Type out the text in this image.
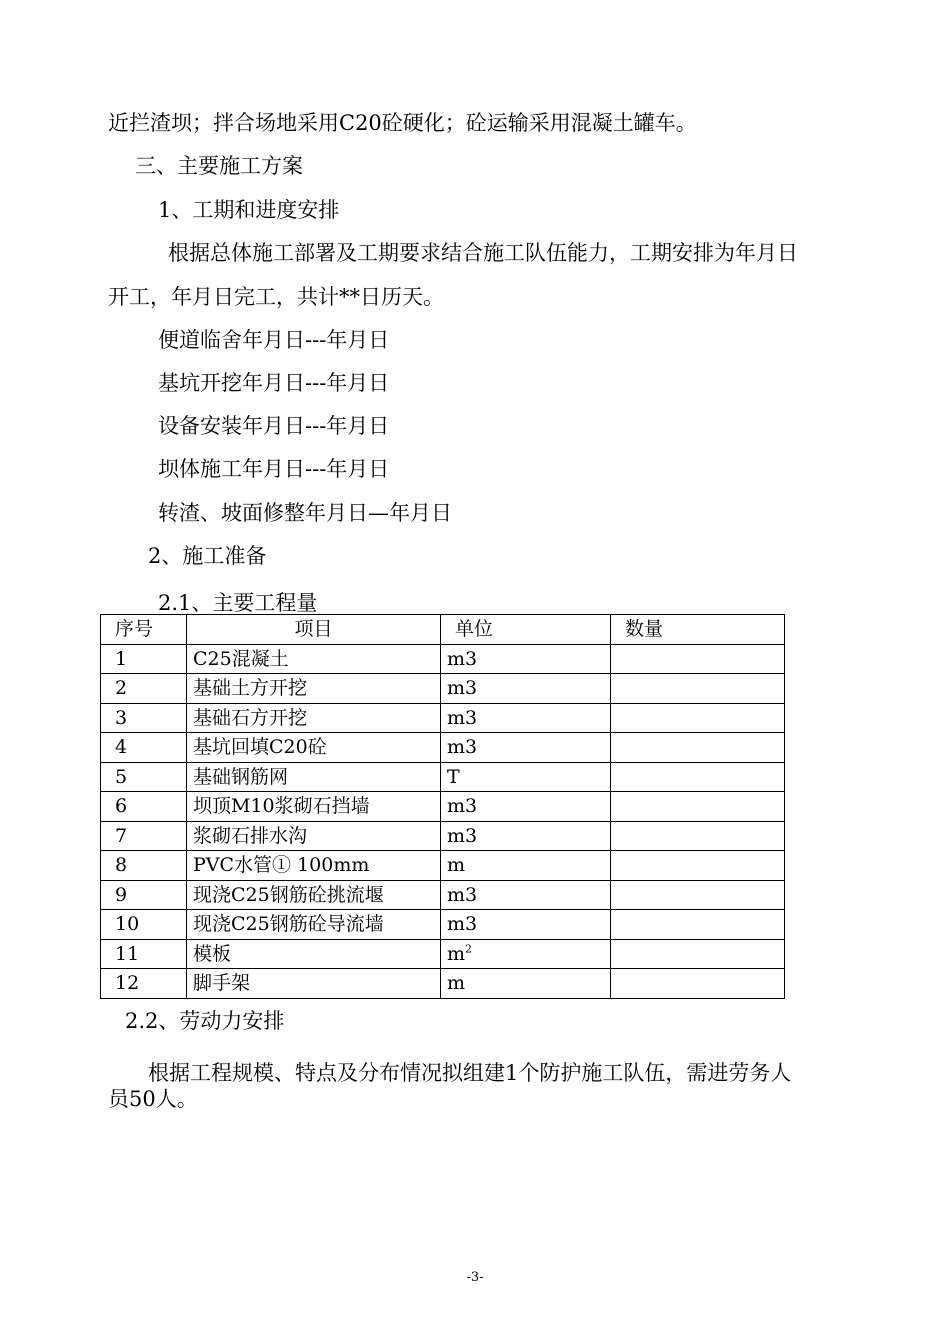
近拦渣坝；拌合场地采用C20砼硬化；砼运输采用混凝土罐车。
三、主要施工方案
1、工期和进度安排
根据总体施工部署及工期要求结合施工队伍能力，工期安排为年月日
开工，年月日完工，共计**日历天。
便道临舍年月日---年月日
基坑开挖年月日---年月日
设备安装年月日---年月日
坝体施工年月日---年月日
转渣、坡面修整年月日—年月日
2、施工准备
2.1、主要工程量
序号	项目	单位	数量
1	C25混凝土	m3	
2	基础土方开挖	m3	
3	基础石方开挖	m3	
4	基坑回填C20砼	m3	
5	基础钢筋网	T	
6	坝顶M10浆砌石挡墙	m3	
7	浆砌石排水沟	m3	
8	PVC水管① 100mm	m	
9	现浇C25钢筋砼挑流堰	m3	
10	现浇C25钢筋砼导流墙	m3	
11	模板	$m^2$	
12	脚手架	m	
2.2、劳动力安排
根据工程规模、特点及分布情况拟组建1个防护施工队伍，需进劳务人
员50人。
-3-
